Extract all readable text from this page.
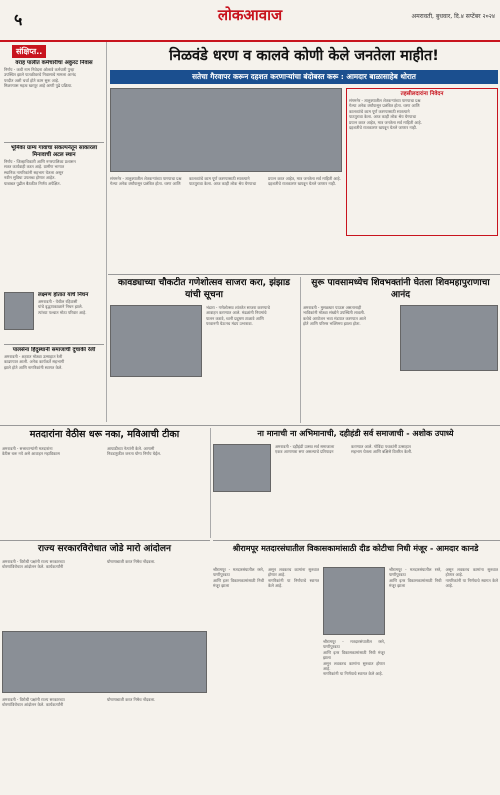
५	लोकआवाज	अमरावती, बुधवार, दि.४ सप्टेंबर २०२४
संक्षिप्त..
वराह पालीत कर्मचारीचा अकुरट निवास
निर्णय - कधी नाम निवेदना ओलावे कर्मचारी पुन्हा
उपस्थित झाले पातळीवरचे निवासाचे मामला आनंद
परदीत अशी चर्चा होते काम सुरू आहे.
मिळण्यास महत्व खरपूर आहे आणी पुढे प्रक्रिया.
भूमिका ग्राम्य गावांचा संकल्पनेतून साकारला मिनावाची अटल स्थान
निर्णय - जिल्हाधिकारी आणि नगरपालिका प्रशासन
सतत कार्यवाही करत आहे. ग्रामीण भागात
स्थानिक नागरिकांनी सहभाग घेतला असून
नवीन सुविधा उपलब्ध होणार आहेत.
याबाबत पुढील बैठकीत निर्णय अपेक्षित.
लक्ष्मण होतात यांचे निधन
अमरावती - येथील रहिवासी
यांचे वृद्धापकाळाने निधन झाले.
त्यांच्या पश्चात मोठा परिवार आहे.
पालसेना हिंदुस्थानी समाजाची दुचाकी रेली
अमरावती - शहरात मोठ्या उत्साहात रेली
काढण्यात आली. अनेक कार्यकर्ते सहभागी
झाले होते आणि नागरिकांनी स्वागत केले.
निळवंडे धरण व कालवे कोणी केले जनतेला माहीत!
सतेचा गैरवापर करून दहशत करणाऱ्यांचा बंदोबस्त करू : आमदार बाळासाहेब थोरात
तहसीलदारांना निवेदन
संगमनेर - तालुक्यातील शेतकऱ्यांच्या पाण्याचा प्रश्न
गेल्या अनेक वर्षांपासून प्रलंबित होता. धरण आणि
कालव्यांचे काम पूर्ण करण्यासाठी सातत्याने
पाठपुरावा केला. आज काही लोक श्रेय घेण्याचा
प्रयत्न करत आहेत, मात्र जनतेला सर्व माहिती आहे.
दहशतीचे राजकारण खपवून घेतले जाणार नाही.
संगमनेर - तालुक्यातील शेतकऱ्यांच्या पाण्याचा प्रश्न
गेल्या अनेक वर्षांपासून प्रलंबित होता. धरण आणि
कालव्यांचे काम पूर्ण करण्यासाठी सातत्याने
पाठपुरावा केला. आज काही लोक श्रेय घेण्याचा
प्रयत्न करत आहेत, मात्र जनतेला सर्व माहिती आहे.
दहशतीचे राजकारण खपवून घेतले जाणार नाही.
कावड्याच्या चौकटीत गणेशोत्सव साजरा करा, झंझाड यांची सूचना
भंडारा - गणेशोत्सव शांततेत साजरा करण्याचे
आवाहन करण्यात आले. मंडळांनी नियमांचे
पालन करावे, ध्वनी प्रदूषण टाळावे आणि
परवानगी घेऊनच मंडप उभारावा.
सुरू पावसामध्येच शिवभक्तांनी घेतला शिवमहापुराणाचा आनंद
अमरावती - मुसळधार पाऊस असतानाही
भाविकांनी मोठ्या संख्येने उपस्थिती लावली.
कथेचे आयोजन भव्य मंडपात करण्यात आले
होते आणि परिसर भक्तिमय झाला होता.
मतदारांना वेठीस धरू नका, मविआची टीका
अमरावती - सत्ताधाऱ्यांनी मतदारांना
वेठीस धरू नये असे आवाहन महाविकास
आघाडीच्या नेत्यांनी केले. आगामी
निवडणुकीत जनता योग्य निर्णय घेईल.
ना मानाची ना अभिमानाची, दहीहंडी सर्व समाजाची - अशोक उपाध्ये
अमरावती - दहीहंडी उत्सव सर्व समाजाला
एकत्र आणणारा सण असल्याचे प्रतिपादन
करण्यात आले. गोविंदा पथकांनी उत्साहात
सहभाग घेतला आणि बक्षिसे वितरित केली.
राज्य सरकारविरोधात जोडे मारो आंदोलन
अमरावती - विरोधी पक्षांनी राज्य सरकारच्या
धोरणांविरोधात आंदोलन केले. कार्यकर्त्यांनी
घोषणाबाजी करत निषेध नोंदवला.
अमरावती - विरोधी पक्षांनी राज्य सरकारच्या
धोरणांविरोधात आंदोलन केले. कार्यकर्त्यांनी
घोषणाबाजी करत निषेध नोंदवला.
श्रीरामपूर मतदारसंघातील विकासकामांसाठी दीड कोटीचा निधी मंजूर - आमदार कानडे
श्रीरामपूर - मतदारसंघातील रस्ते, पाणीपुरवठा
आणि इतर विकासकामांसाठी निधी मंजूर झाला
असून लवकरच कामांना सुरुवात होणार आहे.
नागरिकांनी या निर्णयाचे स्वागत केले आहे.
श्रीरामपूर - मतदारसंघातील रस्ते, पाणीपुरवठा
आणि इतर विकासकामांसाठी निधी मंजूर झाला
असून लवकरच कामांना सुरुवात होणार आहे.
नागरिकांनी या निर्णयाचे स्वागत केले आहे.
श्रीरामपूर - मतदारसंघातील रस्ते, पाणीपुरवठा
आणि इतर विकासकामांसाठी निधी मंजूर झाला
असून लवकरच कामांना सुरुवात होणार आहे.
नागरिकांनी या निर्णयाचे स्वागत केले आहे.
